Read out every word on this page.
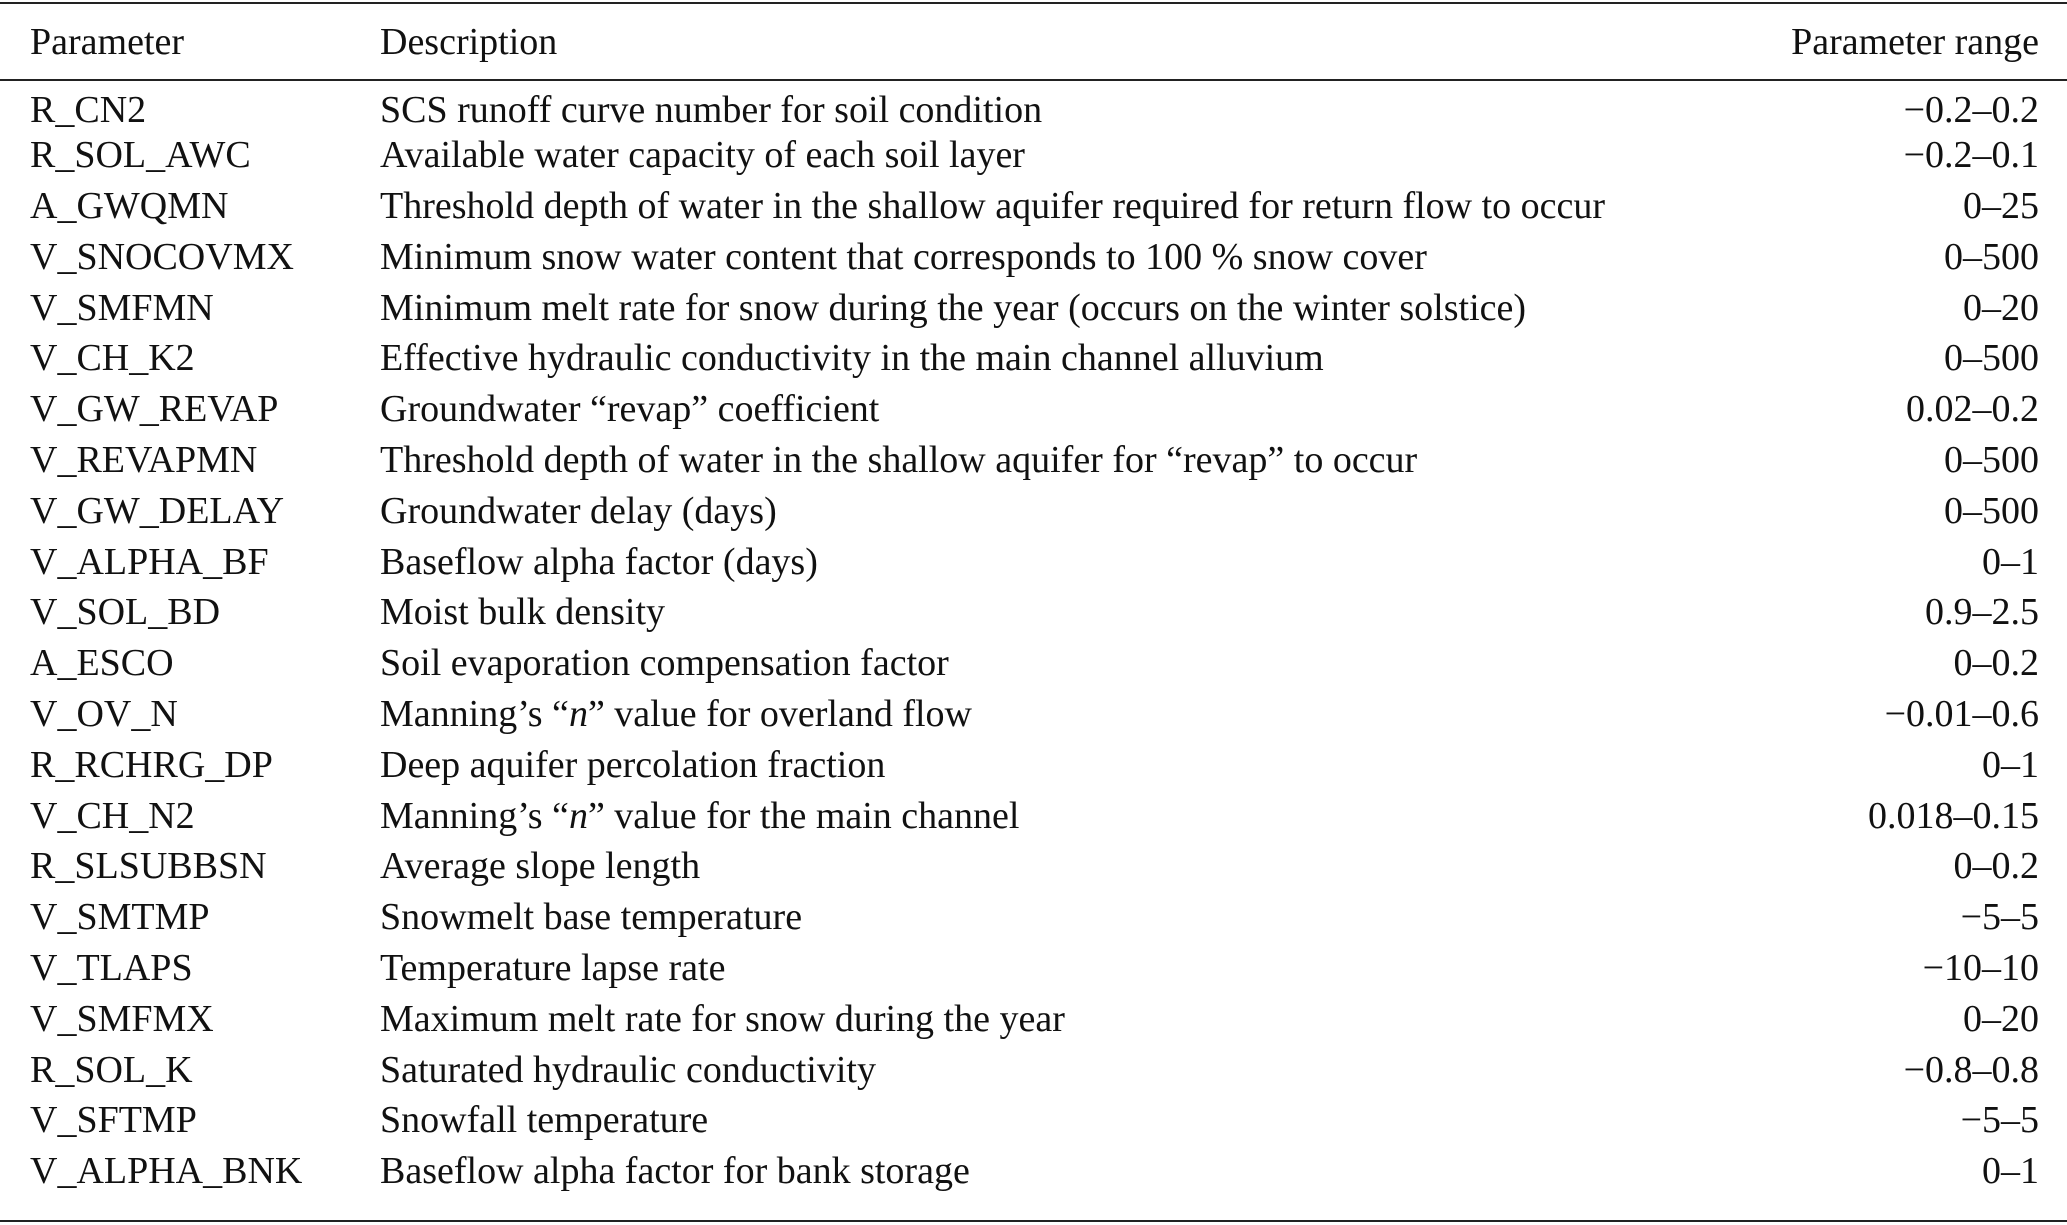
Parameter	Description	Parameter range
R_CN2	SCS runoff curve number for soil condition	−0.2–0.2
R_SOL_AWC	Available water capacity of each soil layer	−0.2–0.1
A_GWQMN	Threshold depth of water in the shallow aquifer required for return flow to occur	0–25
V_SNOCOVMX	Minimum snow water content that corresponds to 100 % snow cover	0–500
V_SMFMN	Minimum melt rate for snow during the year (occurs on the winter solstice)	0–20
V_CH_K2	Effective hydraulic conductivity in the main channel alluvium	0–500
V_GW_REVAP	Groundwater “revap” coefficient	0.02–0.2
V_REVAPMN	Threshold depth of water in the shallow aquifer for “revap” to occur	0–500
V_GW_DELAY	Groundwater delay (days)	0–500
V_ALPHA_BF	Baseflow alpha factor (days)	0–1
V_SOL_BD	Moist bulk density	0.9–2.5
A_ESCO	Soil evaporation compensation factor	0–0.2
V_OV_N	Manning’s “n” value for overland flow	−0.01–0.6
R_RCHRG_DP	Deep aquifer percolation fraction	0–1
V_CH_N2	Manning’s “n” value for the main channel	0.018–0.15
R_SLSUBBSN	Average slope length	0–0.2
V_SMTMP	Snowmelt base temperature	−5–5
V_TLAPS	Temperature lapse rate	−10–10
V_SMFMX	Maximum melt rate for snow during the year	0–20
R_SOL_K	Saturated hydraulic conductivity	−0.8–0.8
V_SFTMP	Snowfall temperature	−5–5
V_ALPHA_BNK	Baseflow alpha factor for bank storage	0–1
